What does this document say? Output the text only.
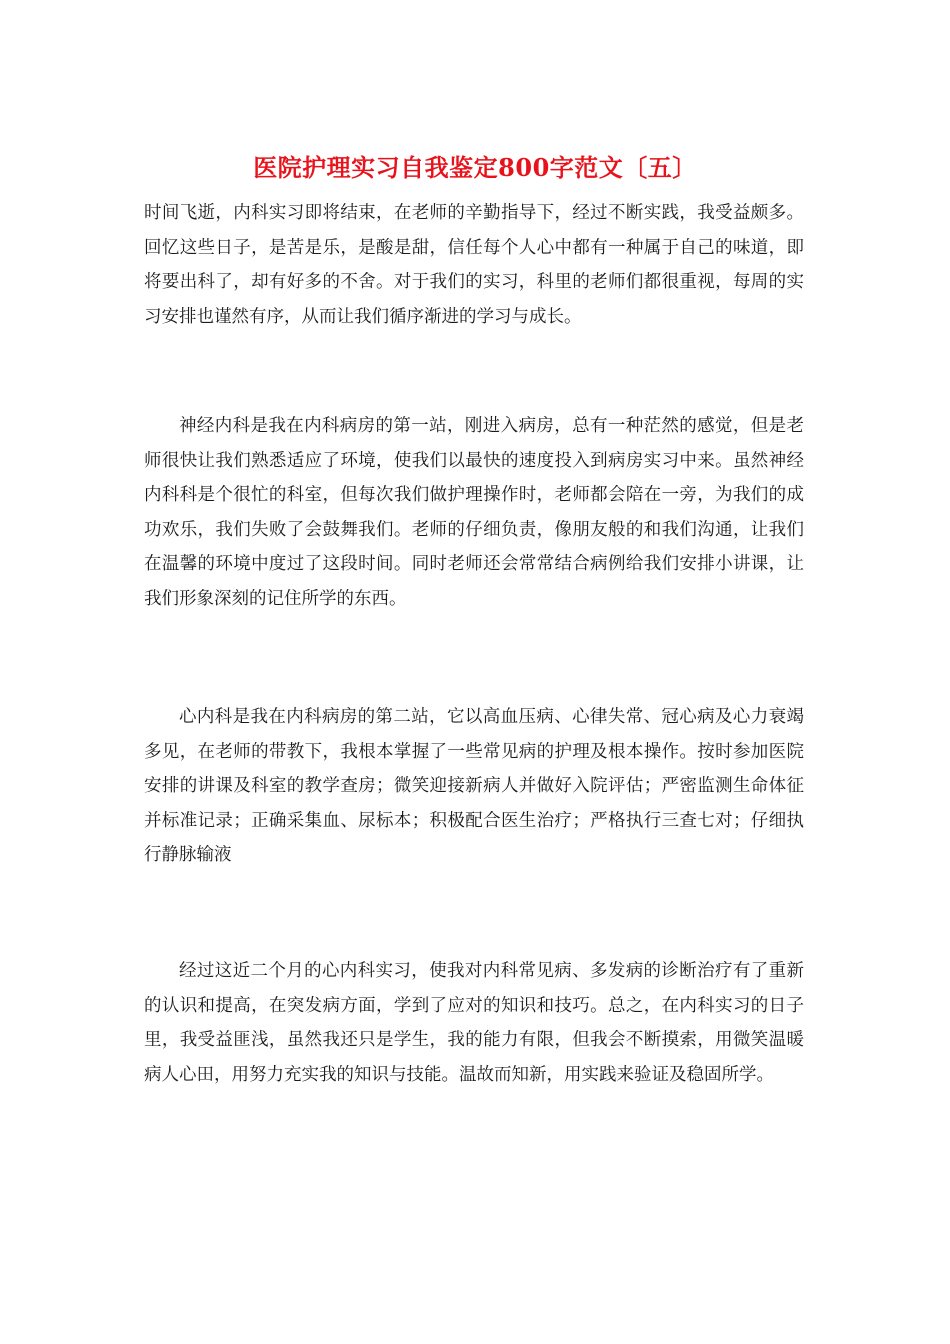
医院护理实习自我鉴定800字范文〔五〕

时间飞逝，内科实习即将结束，在老师的辛勤指导下，经过不断实践，我受益颇多。回忆这些日子，是苦是乐，是酸是甜，信任每个人心中都有一种属于自己的味道，即将要出科了，却有好多的不舍。对于我们的实习，科里的老师们都很重视，每周的实习安排也谨然有序，从而让我们循序渐进的学习与成长。

神经内科是我在内科病房的第一站，刚进入病房，总有一种茫然的感觉，但是老师很快让我们熟悉适应了环境，使我们以最快的速度投入到病房实习中来。虽然神经内科科是个很忙的科室，但每次我们做护理操作时，老师都会陪在一旁，为我们的成功欢乐，我们失败了会鼓舞我们。老师的仔细负责，像朋友般的和我们沟通，让我们在温馨的环境中度过了这段时间。同时老师还会常常结合病例给我们安排小讲课，让我们形象深刻的记住所学的东西。

心内科是我在内科病房的第二站，它以高血压病、心律失常、冠心病及心力衰竭多见，在老师的带教下，我根本掌握了一些常见病的护理及根本操作。按时参加医院安排的讲课及科室的教学查房；微笑迎接新病人并做好入院评估；严密监测生命体征并标准记录；正确采集血、尿标本；积极配合医生治疗；严格执行三查七对；仔细执行静脉输液

经过这近二个月的心内科实习，使我对内科常见病、多发病的诊断治疗有了重新的认识和提高，在突发病方面，学到了应对的知识和技巧。总之，在内科实习的日子里，我受益匪浅，虽然我还只是学生，我的能力有限，但我会不断摸索，用微笑温暖病人心田，用努力充实我的知识与技能。温故而知新，用实践来验证及稳固所学。
